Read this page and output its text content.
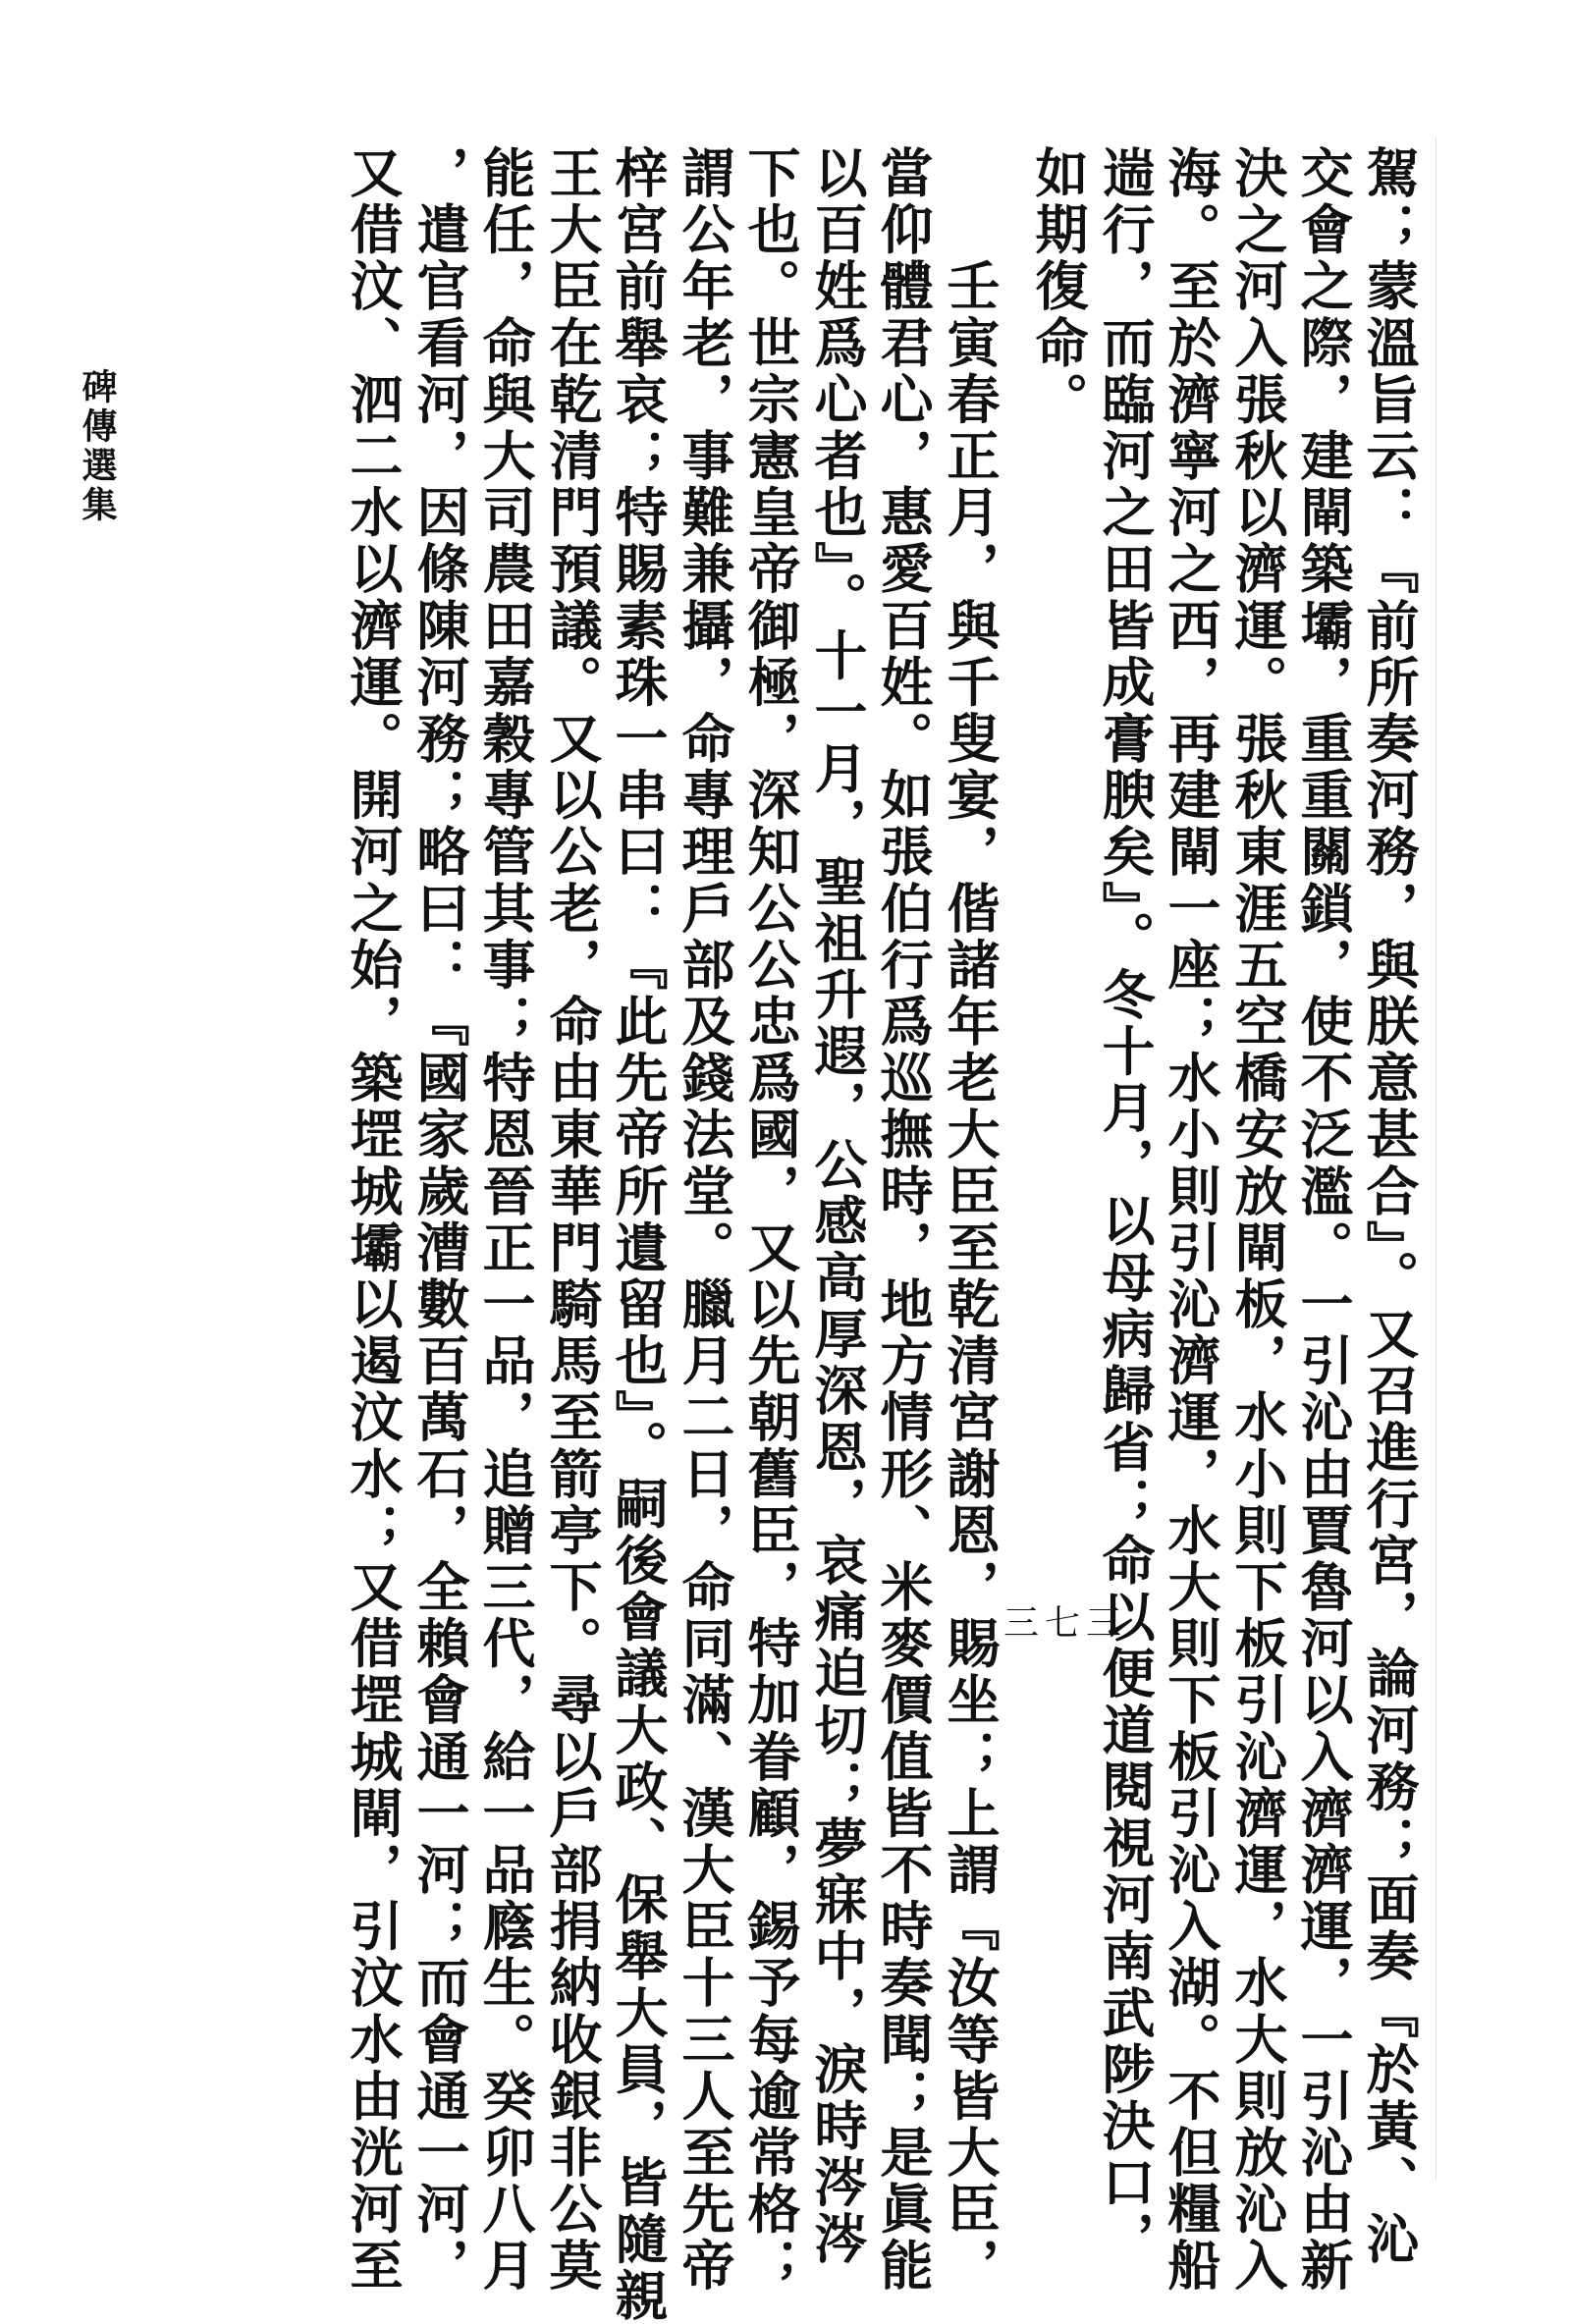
駕；蒙溫旨云：『前所奏河務，與朕意甚合』。又召進行宮，論河務；面奏『於黃、沁
交會之際，建閘築壩，重重關鎖，使不泛濫。一引沁由賈魯河以入濟濟運，一引沁由新
決之河入張秋以濟運。張秋東涯五空橋安放閘板，水小則下板引沁濟運，水大則放沁入
海。至於濟寧河之西，再建閘一座；水小則引沁濟運，水大則下板引沁入湖。不但糧船
遄行，而臨河之田皆成膏腴矣』。冬十月，以母病歸省；命以便道閱視河南武陟決口，
如期復命。
　　壬寅春正月，與千叟宴，偕諸年老大臣至乾清宮謝恩，賜坐；上謂『汝等皆大臣，
當仰體君心，惠愛百姓。如張伯行爲巡撫時，地方情形、米麥價值皆不時奏聞；是眞能
以百姓爲心者也』。十一月，聖祖升遐，公感高厚深恩，哀痛迫切；夢寐中，淚時涔涔
下也。世宗憲皇帝御極，深知公公忠爲國，又以先朝舊臣，特加眷顧，錫予每逾常格；
謂公年老，事難兼攝，命專理戶部及錢法堂。臘月二日，命同滿、漢大臣十三人至先帝
梓宮前舉哀；特賜素珠一串曰：『此先帝所遺留也』。嗣後會議大政、保舉大員，皆隨親
王大臣在乾清門預議。又以公老，命由東華門騎馬至箭亭下。尋以戶部捐納收銀非公莫
能任，命與大司農田嘉穀專管其事；特恩晉正一品，追贈三代，給一品廕生。癸卯八月
，遣官看河，因條陳河務；略曰：『國家歲漕數百萬石，全賴會通一河；而會通一河，
又借汶、泗二水以濟運。開河之始，築堽城壩以遏汶水；又借堽城閘，引汶水由洸河至
碑傳選集
三七三
